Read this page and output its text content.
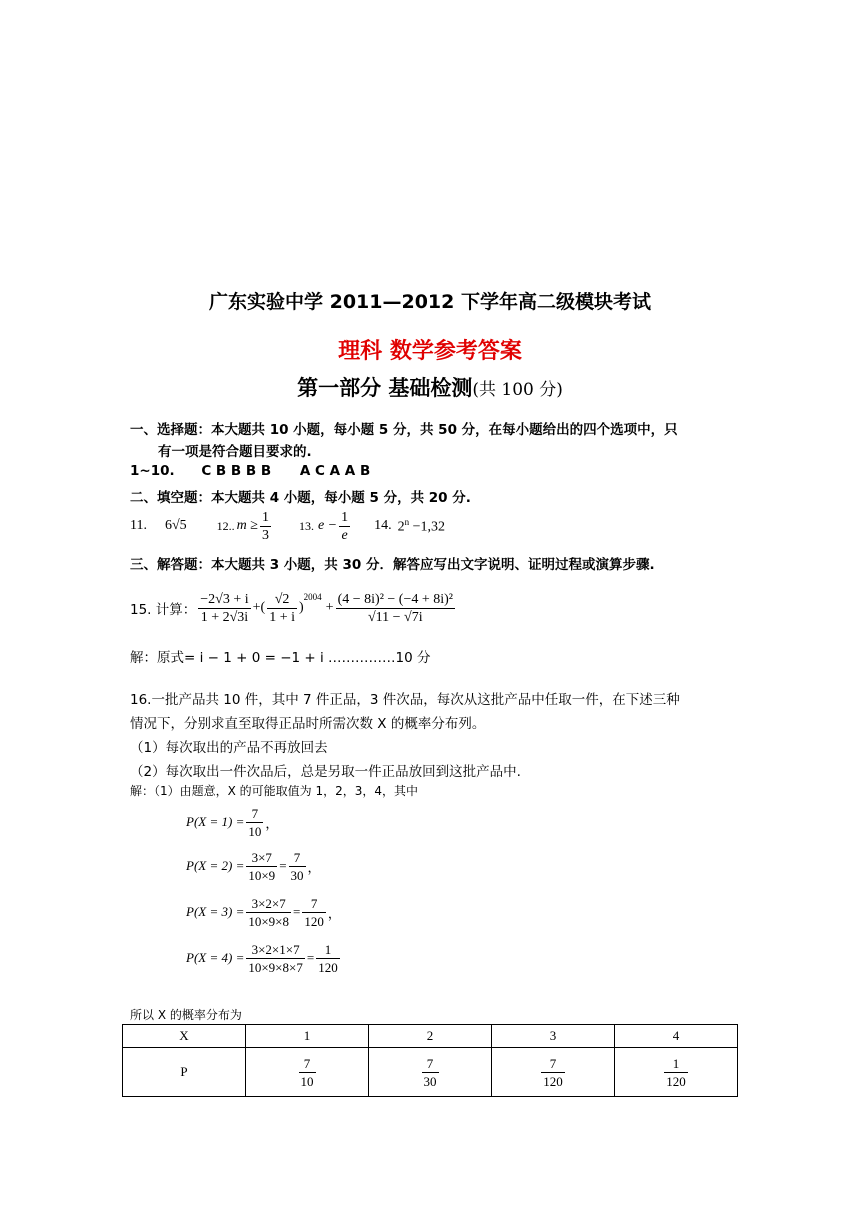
广东实验中学 2011—2012 下学年高二级模块考试
理科 数学参考答案
第一部分 基础检测(共 100 分)
一、选择题：本大题共 10 小题，每小题 5 分，共 50 分，在每小题给出的四个选项中，只
有一项是符合题目要求的.
1~10. C B B B B A C A A B
二、填空题：本大题共 4 小题，每小题 5 分，共 20 分.
11. 6√5	12.. $m \ge \frac{1}{3} 13$. $e - \frac{1}{e} 14$. $2^n -1,32$
三、解答题：本大题共 3 小题，共 30 分．解答应写出文字说明、证明过程或演算步骤.
15. 计算： $\frac{-2√3 + i}{1 + 2√3i}$ +( $\frac{√2}{1 + i}$ )
$^{2004}$
+ $\frac{\text{(4 − 8i)² − (−4 + 8i)²}}{√11 - √7i}$
解：原式= i − 1 + 0 = −1 + i ……………10 分
16.一批产品共 10 件，其中 7 件正品，3 件次品，每次从这批产品中任取一件，在下述三种
情况下，分别求直至取得正品时所需次数 X 的概率分布列。
（1）每次取出的产品不再放回去
（2）每次取出一件次品后，总是另取一件正品放回到这批产品中.
解：（1）由题意，X 的可能取值为 1，2，3，4，其中
$P(X = 1) = \frac{7}{10}$ ，
$P(X = 2) = \frac{3\times 7}{10\times 9} = \frac{7}{30}$ ，
$P(X = 3) = \frac{3\times 2\times 7}{10\times 9\times 8} = \frac{7}{120}$ ，
$P(X = 4) = \frac{3\times 2\times 1\times 7}{10\times 9\times 8\times 7} = \frac{1}{120}$
所以 X 的概率分布为
X	1	2	3	4
P	$\frac{7}{10}$	$\frac{7}{30}$	$\frac{7}{120}$	$\frac{1}{120}$
